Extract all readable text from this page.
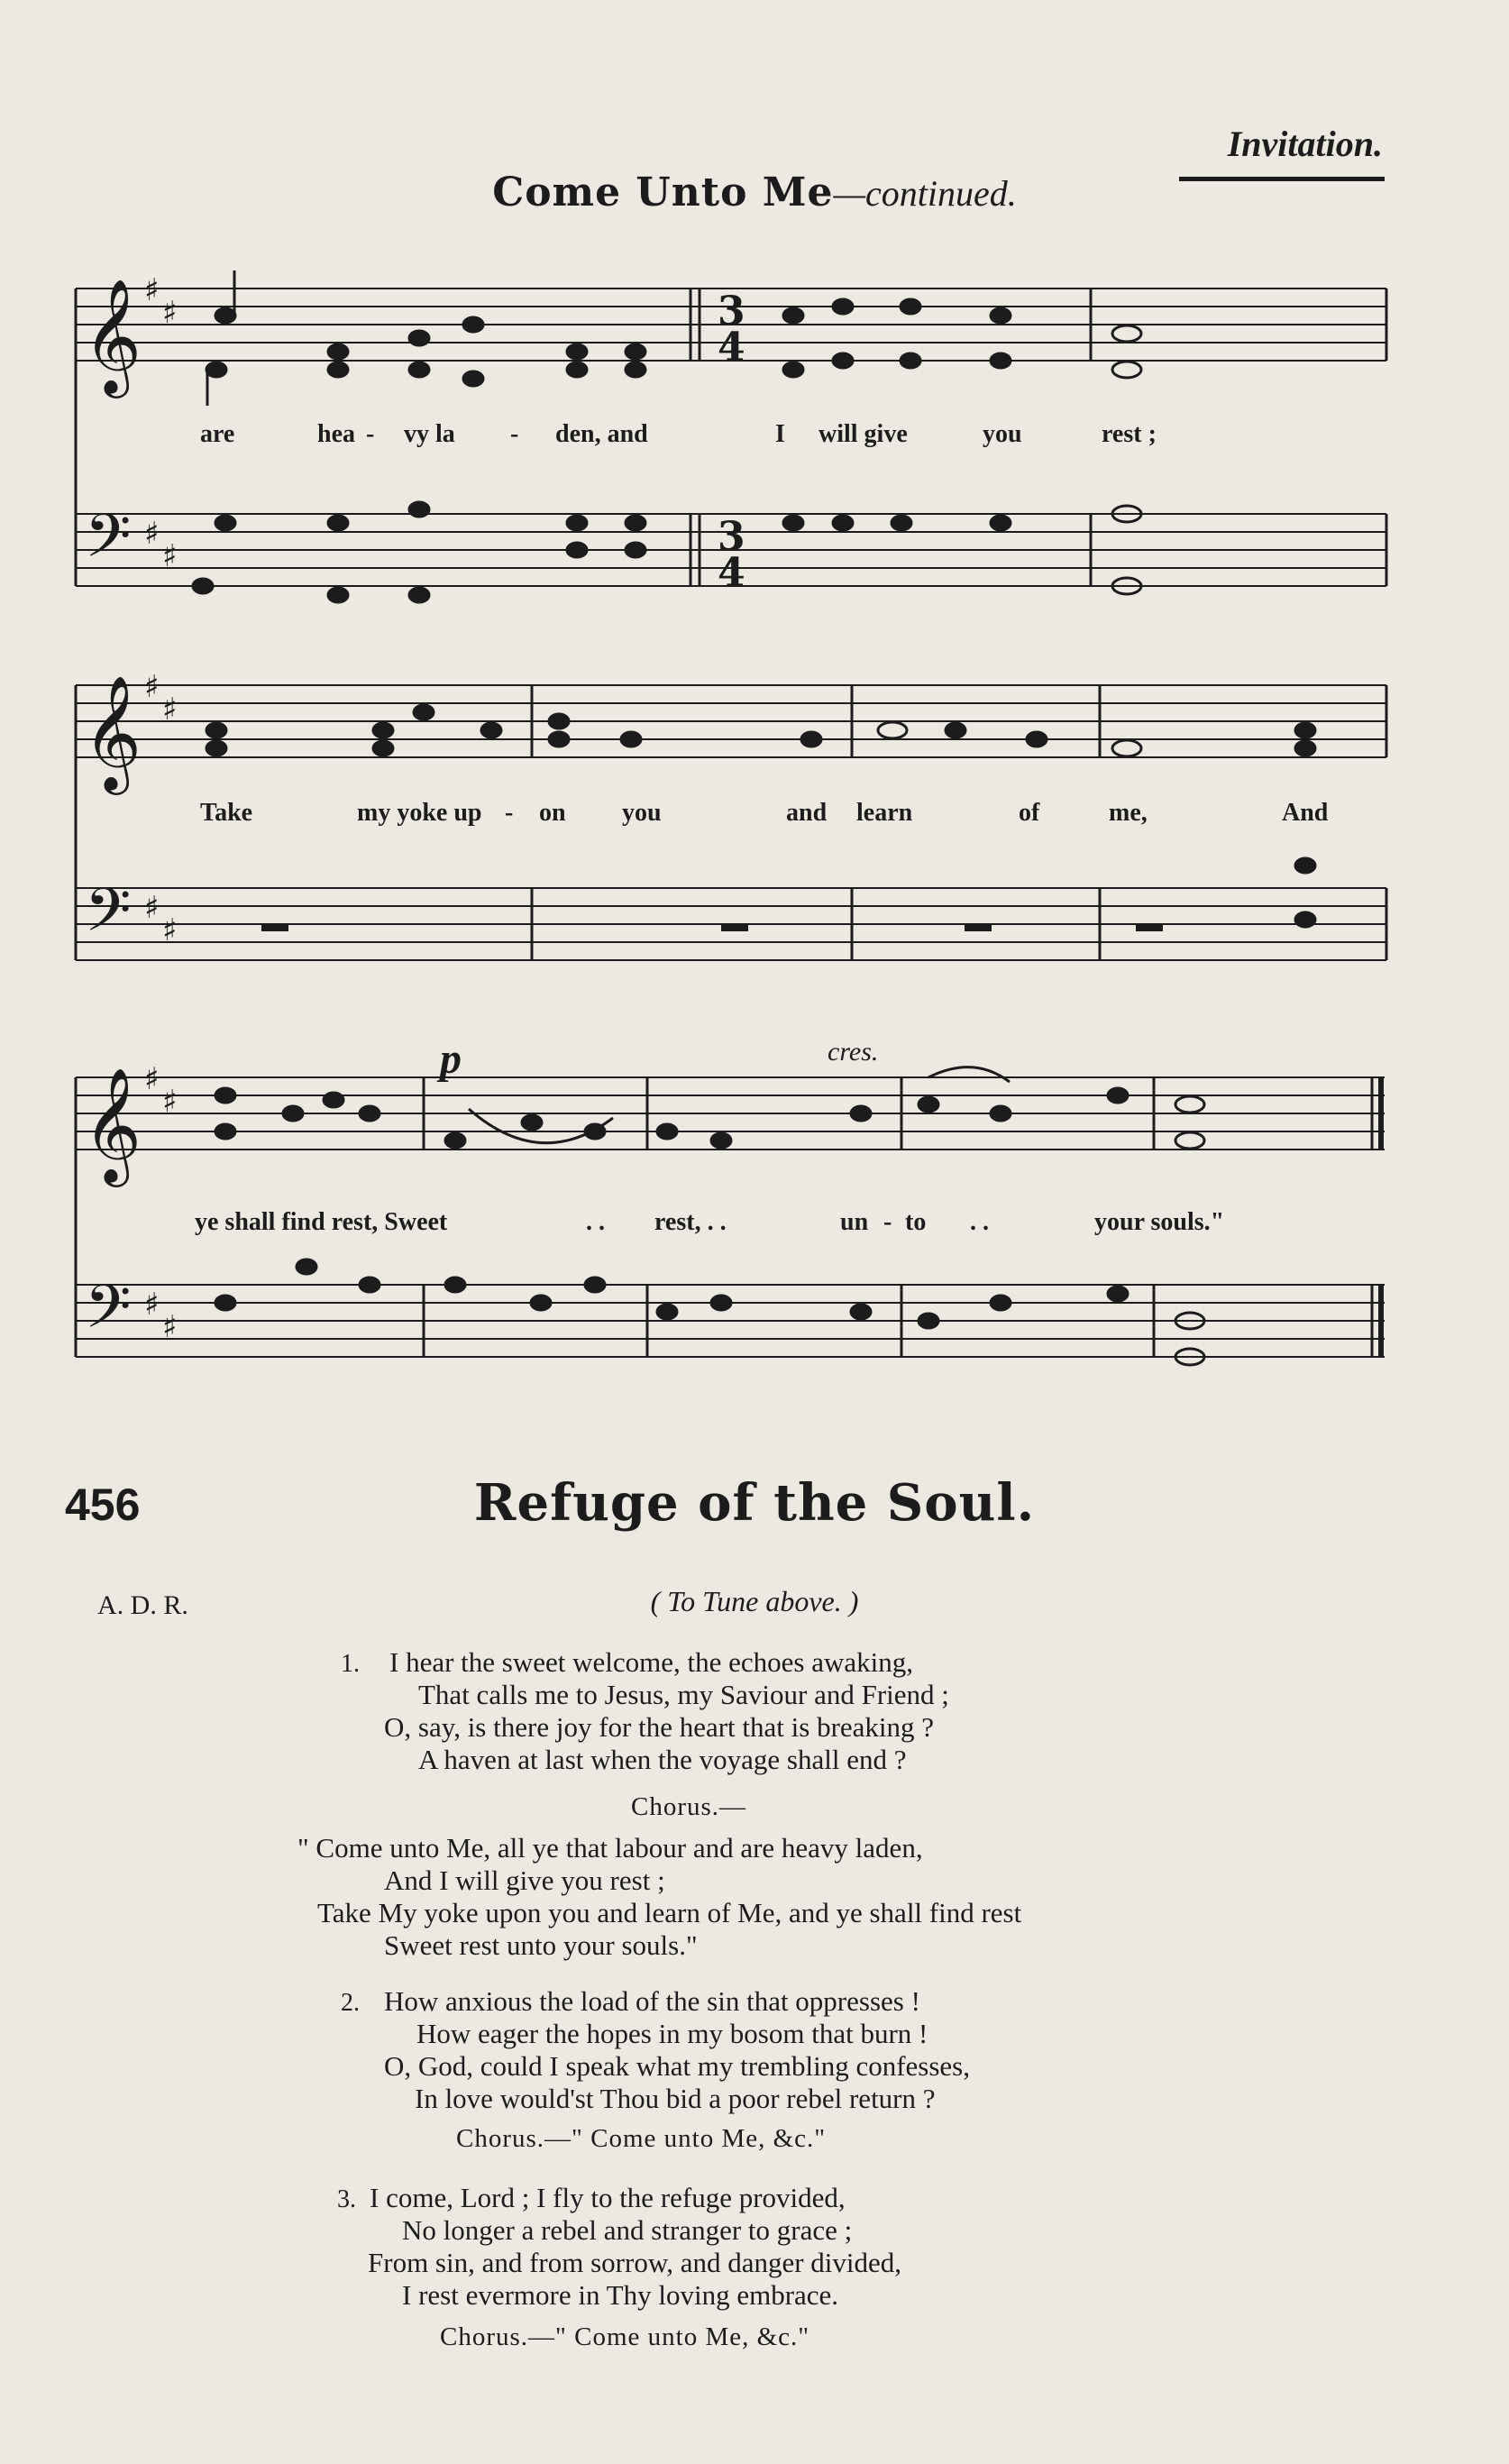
Invitation.
Come Unto Me—continued.
𝄞
𝄢
𝄞
𝄢
𝄞
𝄢
♯
♯
♯
♯
♯
♯
♯
♯
♯
♯
♯
♯
3
4
3
4
p	cres.
are	hea - vy la - den, and	I will give	you	rest ;
Take	my yoke up - on you	and learn	of	me,	And
ye shall find rest, Sweet	. . rest, . .	un - to . .	your souls."
456	Refuge of the Soul.
A. D. R.	( To Tune above. )
1. I hear the sweet welcome, the echoes awaking,
That calls me to Jesus, my Saviour and Friend ;
O, say, is there joy for the heart that is breaking ?
A haven at last when the voyage shall end ?
Chorus.—
" Come unto Me, all ye that labour and are heavy laden,
And I will give you rest ;
Take My yoke upon you and learn of Me, and ye shall find rest
Sweet rest unto your souls."
2. How anxious the load of the sin that oppresses !
How eager the hopes in my bosom that burn !
O, God, could I speak what my trembling confesses,
In love would'st Thou bid a poor rebel return ?
Chorus.—" Come unto Me, &c."
3. I come, Lord ; I fly to the refuge provided,
No longer a rebel and stranger to grace ;
From sin, and from sorrow, and danger divided,
I rest evermore in Thy loving embrace.
Chorus.—" Come unto Me, &c."
